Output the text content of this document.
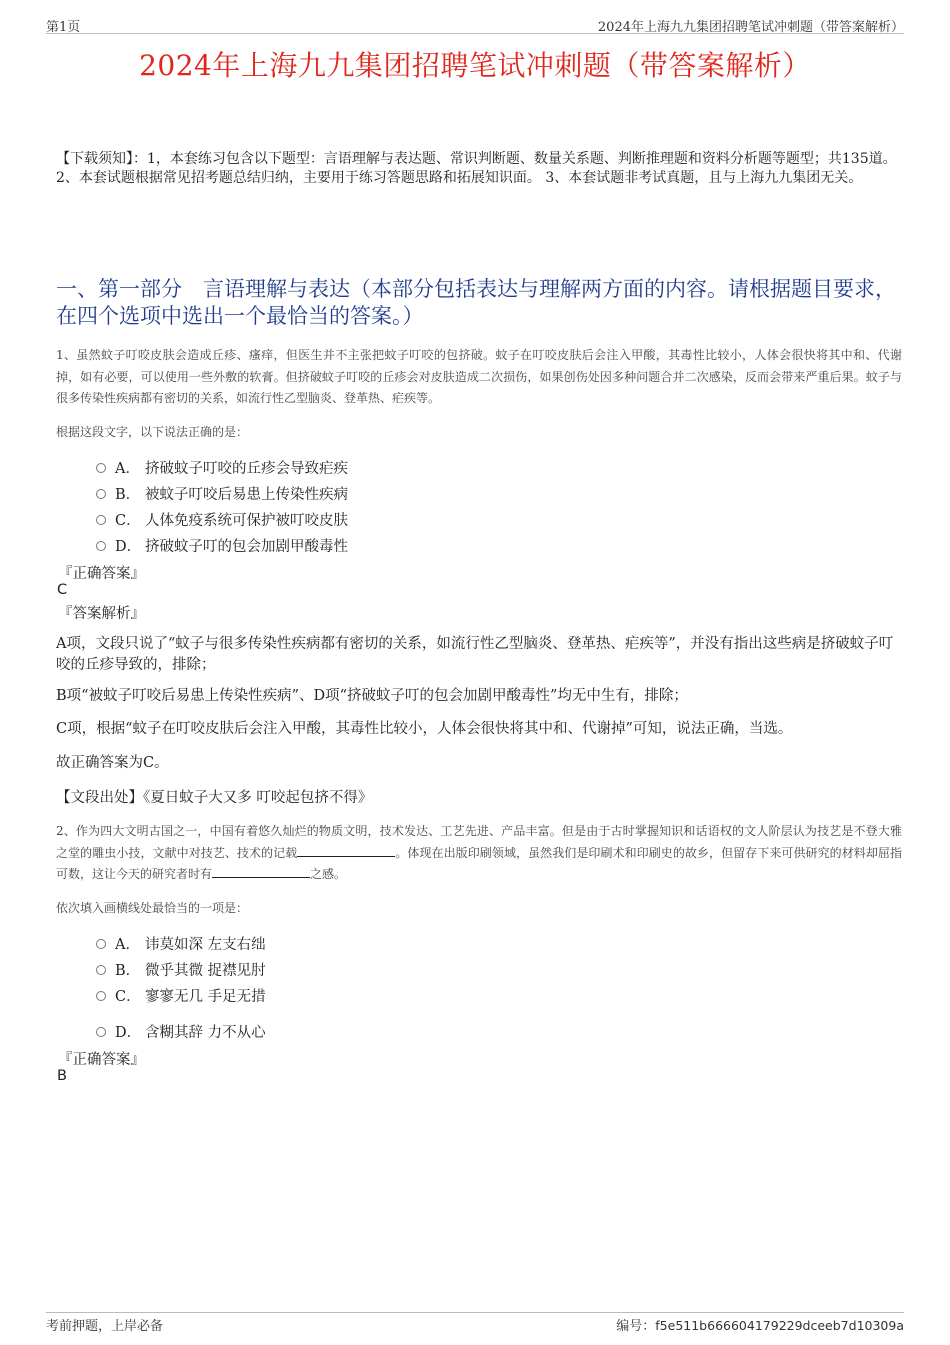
第1页	2024年上海九九集团招聘笔试冲刺题（带答案解析）
2024年上海九九集团招聘笔试冲刺题（带答案解析）
【下载须知】：1，本套练习包含以下题型：言语理解与表达题、常识判断题、数量关系题、判断推理题和资料分析题等题型；共135道。 2、本套试题根据常见招考题总结归纳，主要用于练习答题思路和拓展知识面。 3、本套试题非考试真题，且与上海九九集团无关。
一、第一部分　言语理解与表达（本部分包括表达与理解两方面的内容。请根据题目要求，在四个选项中选出一个最恰当的答案。）
1、虽然蚊子叮咬皮肤会造成丘疹、瘙痒，但医生并不主张把蚊子叮咬的包挤破。蚊子在叮咬皮肤后会注入甲酸，其毒性比较小，人体会很快将其中和、代谢掉，如有必要，可以使用一些外敷的软膏。但挤破蚊子叮咬的丘疹会对皮肤造成二次损伤，如果创伤处因多种问题合并二次感染，反而会带来严重后果。蚊子与很多传染性疾病都有密切的关系，如流行性乙型脑炎、登革热、疟疾等。
根据这段文字，以下说法正确的是：
A． 挤破蚊子叮咬的丘疹会导致疟疾
B． 被蚊子叮咬后易患上传染性疾病
C． 人体免疫系统可保护被叮咬皮肤
D． 挤破蚊子叮的包会加剧甲酸毒性
『正确答案』
C
『答案解析』
A项，文段只说了“蚊子与很多传染性疾病都有密切的关系，如流行性乙型脑炎、登革热、疟疾等”，并没有指出这些病是挤破蚊子叮咬的丘疹导致的，排除；
B项“被蚊子叮咬后易患上传染性疾病”、D项“挤破蚊子叮的包会加剧甲酸毒性”均无中生有，排除；
C项，根据“蚊子在叮咬皮肤后会注入甲酸，其毒性比较小，人体会很快将其中和、代谢掉”可知，说法正确，当选。
故正确答案为C。
【文段出处】《夏日蚊子大又多 叮咬起包挤不得》
2、作为四大文明古国之一，中国有着悠久灿烂的物质文明，技术发达、工艺先进、产品丰富。但是由于古时掌握知识和话语权的文人阶层认为技艺是不登大雅之堂的雕虫小技，文献中对技艺、技术的记载	。体现在出版印刷领域，虽然我们是印刷术和印刷史的故乡，但留存下来可供研究的材料却屈指可数，这让今天的研究者时有	之感。
依次填入画横线处最恰当的一项是：
A． 讳莫如深 左支右绌
B． 微乎其微 捉襟见肘
C． 寥寥无几 手足无措
D． 含糊其辞 力不从心
『正确答案』
B
考前押题，上岸必备	编号：f5e511b666604179229dceeb7d10309a
